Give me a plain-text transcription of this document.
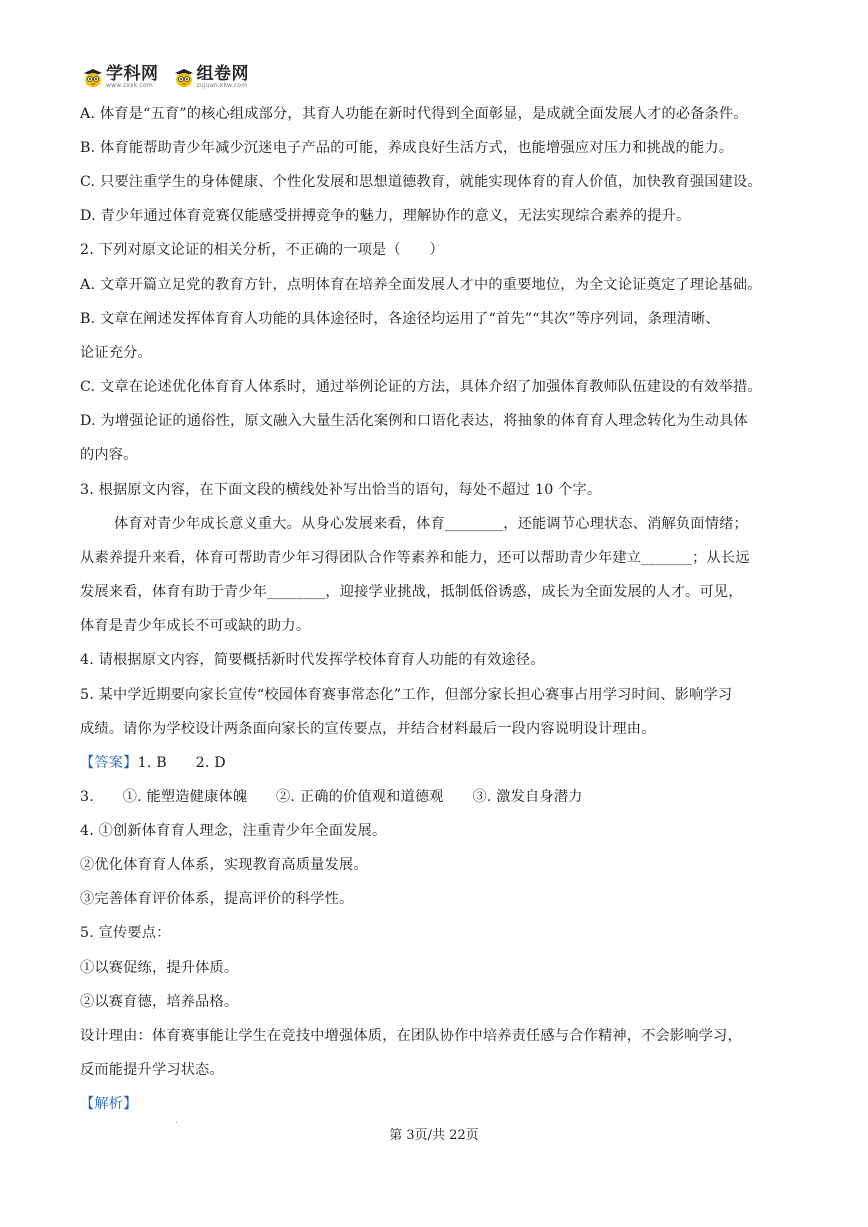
学科网
www.zxxk.com
组卷网
zujuan.xkw.com
A. 体育是“五育”的核心组成部分，其育人功能在新时代得到全面彰显，是成就全面发展人才的必备条件。
B. 体育能帮助青少年减少沉迷电子产品的可能，养成良好生活方式，也能增强应对压力和挑战的能力。
C. 只要注重学生的身体健康、个性化发展和思想道德教育，就能实现体育的育人价值，加快教育强国建设。
D. 青少年通过体育竞赛仅能感受拼搏竞争的魅力，理解协作的意义，无法实现综合素养的提升。
2. 下列对原文论证的相关分析，不正确的一项是（　　）
A. 文章开篇立足党的教育方针，点明体育在培养全面发展人才中的重要地位，为全文论证奠定了理论基础。
B. 文章在阐述发挥体育育人功能的具体途径时，各途径均运用了“首先”“其次”等序列词，条理清晰、
论证充分。
C. 文章在论述优化体育育人体系时，通过举例论证的方法，具体介绍了加强体育教师队伍建设的有效举措。
D. 为增强论证的通俗性，原文融入大量生活化案例和口语化表达，将抽象的体育育人理念转化为生动具体
的内容。
3. 根据原文内容，在下面文段的横线处补写出恰当的语句，每处不超过 10 个字。
体育对青少年成长意义重大。从身心发展来看，体育________，还能调节心理状态、消解负面情绪；
从素养提升来看，体育可帮助青少年习得团队合作等素养和能力，还可以帮助青少年建立_______；从长远
发展来看，体育有助于青少年________，迎接学业挑战，抵制低俗诱惑，成长为全面发展的人才。可见，
体育是青少年成长不可或缺的助力。
4. 请根据原文内容，简要概括新时代发挥学校体育育人功能的有效途径。
5. 某中学近期要向家长宣传“校园体育赛事常态化”工作，但部分家长担心赛事占用学习时间、影响学习
成绩。请你为学校设计两条面向家长的宣传要点，并结合材料最后一段内容说明设计理由。
【答案】1. B　　2. D
3.　　①. 能塑造健康体魄　　②. 正确的价值观和道德观　　③. 激发自身潜力
4. ①创新体育育人理念，注重青少年全面发展。
②优化体育育人体系，实现教育高质量发展。
③完善体育评价体系，提高评价的科学性。
5. 宣传要点：
①以赛促练，提升体质。
②以赛育德，培养品格。
设计理由：体育赛事能让学生在竞技中增强体质，在团队协作中培养责任感与合作精神，不会影响学习，
反而能提升学习状态。
【解析】
第 3页/共 22页
